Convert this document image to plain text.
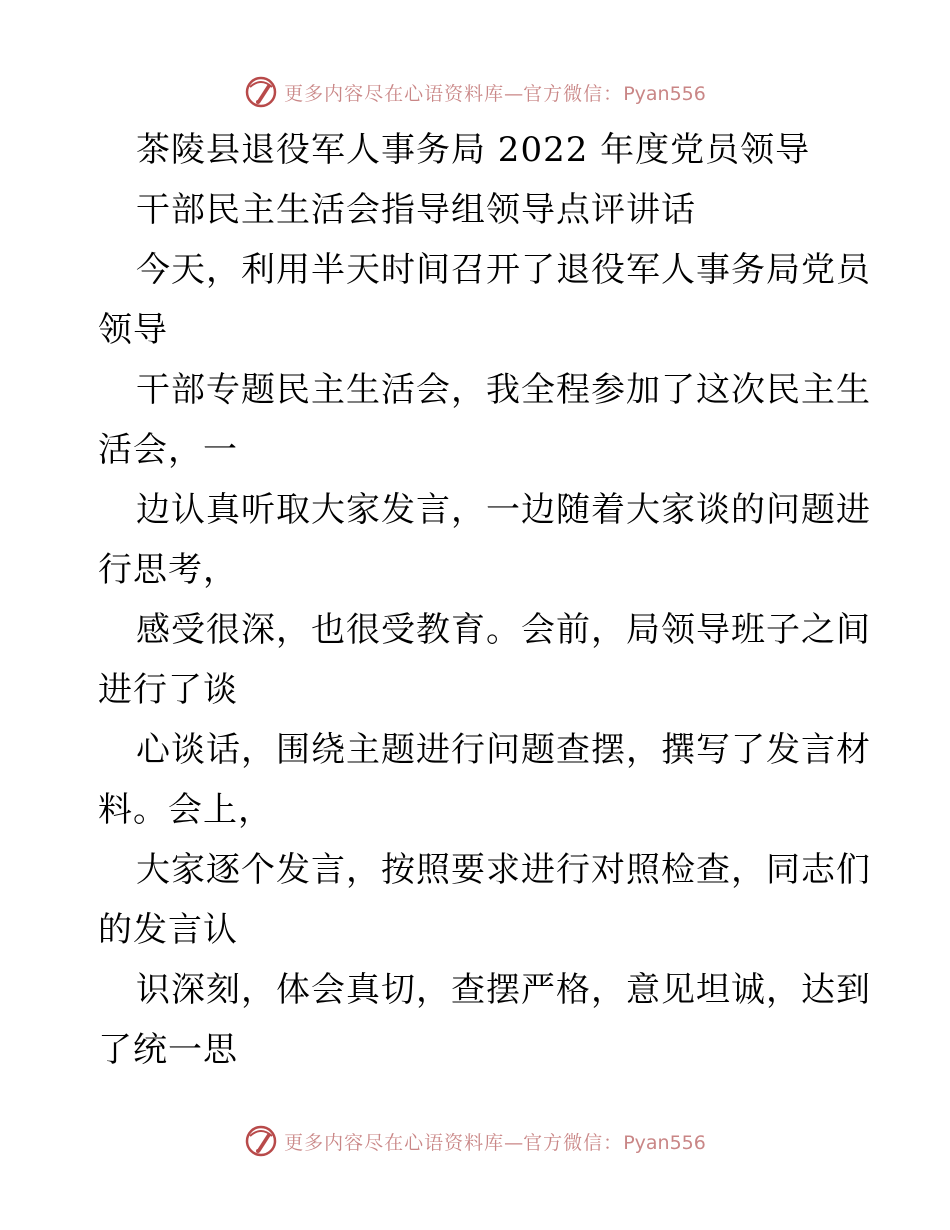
更多内容尽在心语资料库—官方微信：Pyan556
茶陵县退役军人事务局 2022 年度党员领导
干部民主生活会指导组领导点评讲话
今天，利用半天时间召开了退役军人事务局党员
领导
干部专题民主生活会，我全程参加了这次民主生
活会，一
边认真听取大家发言，一边随着大家谈的问题进
行思考，
感受很深，也很受教育。会前，局领导班子之间
进行了谈
心谈话，围绕主题进行问题查摆，撰写了发言材
料。会上，
大家逐个发言，按照要求进行对照检查，同志们
的发言认
识深刻，体会真切，查摆严格，意见坦诚，达到
了统一思
更多内容尽在心语资料库—官方微信：Pyan556
